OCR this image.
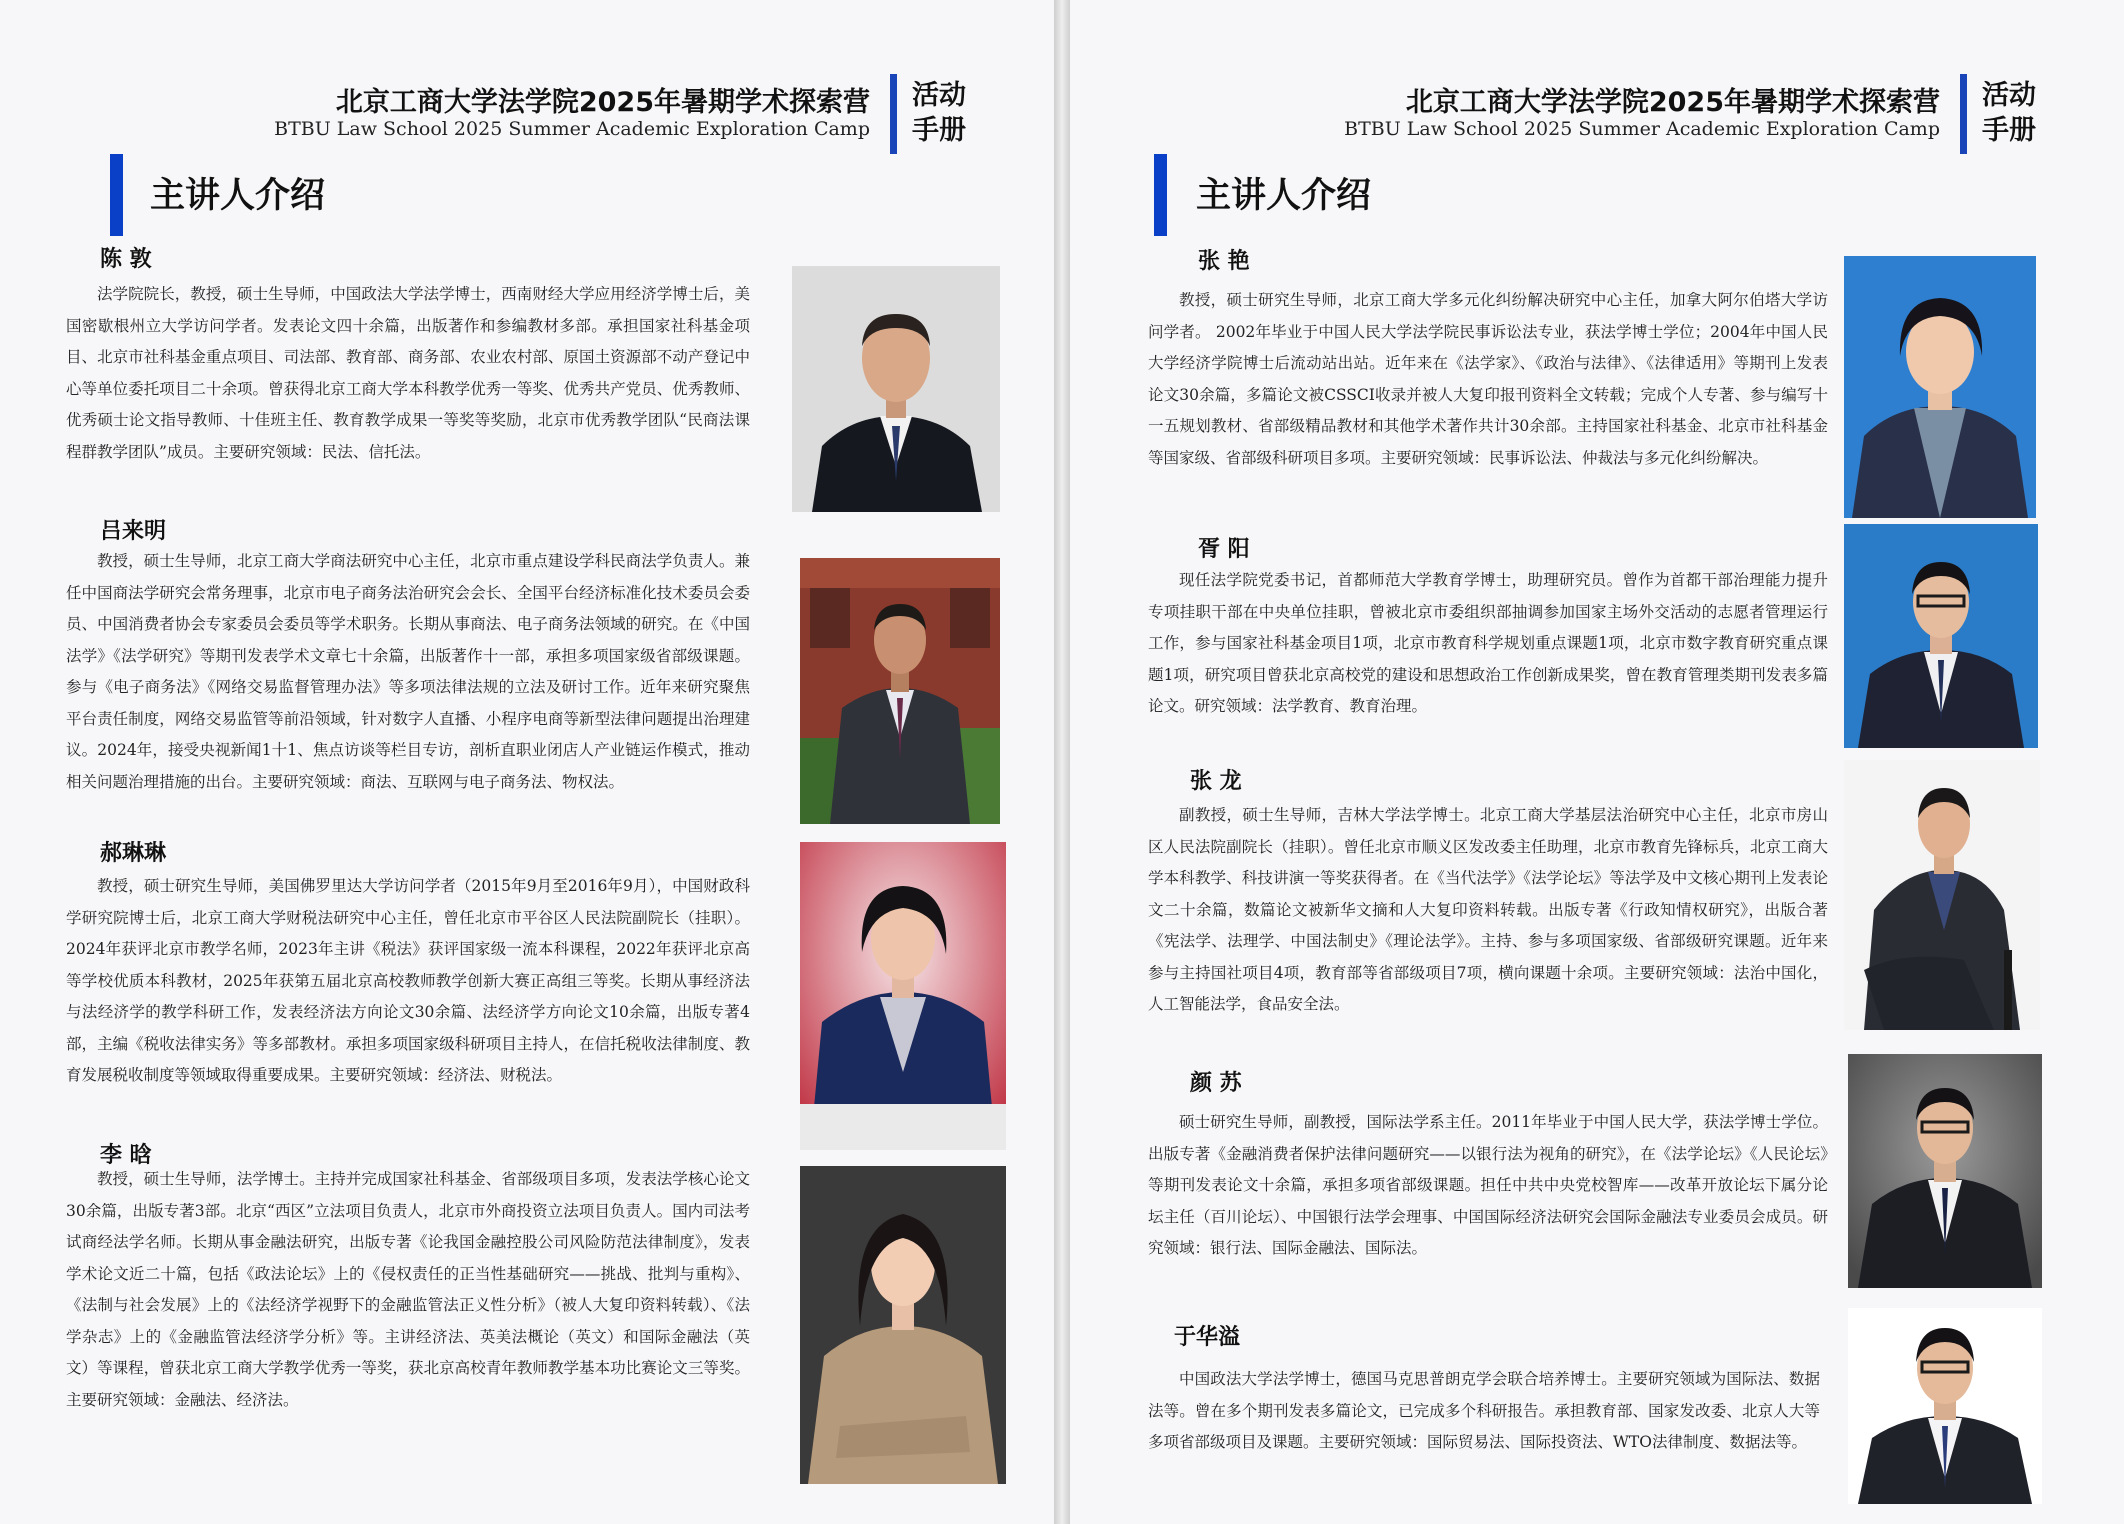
北京工商大学法学院2025年暑期学术探索营
BTBU Law School 2025 Summer Academic Exploration Camp
活动
手册
主讲人介绍
陈 敦

法学院院长，教授，硕士生导师，中国政法大学法学博士，西南财经大学应用经济学博士后，美国密歇根州立大学访问学者。发表论文四十余篇，出版著作和参编教材多部。承担国家社科基金项目、北京市社科基金重点项目、司法部、教育部、商务部、农业农村部、原国土资源部不动产登记中心等单位委托项目二十余项。曾获得北京工商大学本科教学优秀一等奖、优秀共产党员、优秀教师、优秀硕士论文指导教师、十佳班主任、教育教学成果一等奖等奖励，北京市优秀教学团队“民商法课程群教学团队”成员。主要研究领域：民法、信托法。

吕来明

教授，硕士生导师，北京工商大学商法研究中心主任，北京市重点建设学科民商法学负责人。兼任中国商法学研究会常务理事，北京市电子商务法治研究会会长、全国平台经济标准化技术委员会委员、中国消费者协会专家委员会委员等学术职务。长期从事商法、电子商务法领域的研究。在《中国法学》《法学研究》等期刊发表学术文章七十余篇，出版著作十一部，承担多项国家级省部级课题。参与《电子商务法》《网络交易监督管理办法》等多项法律法规的立法及研讨工作。近年来研究聚焦平台责任制度，网络交易监管等前沿领域，针对数字人直播、小程序电商等新型法律问题提出治理建议。2024年，接受央视新闻1十1、焦点访谈等栏目专访，剖析直职业闭店人产业链运作模式，推动相关问题治理措施的出台。主要研究领域：商法、互联网与电子商务法、物权法。

郝琳琳

教授，硕士研究生导师，美国佛罗里达大学访问学者（2015年9月至2016年9月），中国财政科学研究院博士后，北京工商大学财税法研究中心主任，曾任北京市平谷区人民法院副院长（挂职）。2024年获评北京市教学名师，2023年主讲《税法》获评国家级一流本科课程，2022年获评北京高等学校优质本科教材，2025年获第五届北京高校教师教学创新大赛正高组三等奖。长期从事经济法与法经济学的教学科研工作，发表经济法方向论文30余篇、法经济学方向论文10余篇，出版专著4部，主编《税收法律实务》等多部教材。承担多项国家级科研项目主持人，在信托税收法律制度、教育发展税收制度等领域取得重要成果。主要研究领域：经济法、财税法。

李 晗

教授，硕士生导师，法学博士。主持并完成国家社科基金、省部级项目多项，发表法学核心论文30余篇，出版专著3部。北京“西区”立法项目负责人，北京市外商投资立法项目负责人。国内司法考试商经法学名师。长期从事金融法研究，出版专著《论我国金融控股公司风险防范法律制度》，发表学术论文近二十篇，包括《政法论坛》上的《侵权责任的正当性基础研究——挑战、批判与重构》、《法制与社会发展》上的《法经济学视野下的金融监管法正义性分析》（被人大复印资料转载）、《法学杂志》上的《金融监管法经济学分析》等。主讲经济法、英美法概论（英文）和国际金融法（英文）等课程，曾获北京工商大学教学优秀一等奖，获北京高校青年教师教学基本功比赛论文三等奖。主要研究领域：金融法、经济法。

北京工商大学法学院2025年暑期学术探索营
BTBU Law School 2025 Summer Academic Exploration Camp
活动
手册
主讲人介绍
张 艳

教授，硕士研究生导师，北京工商大学多元化纠纷解决研究中心主任，加拿大阿尔伯塔大学访问学者。 2002年毕业于中国人民大学法学院民事诉讼法专业，获法学博士学位；2004年中国人民大学经济学院博士后流动站出站。近年来在《法学家》、《政治与法律》、《法律适用》等期刊上发表论文30余篇，多篇论文被CSSCI收录并被人大复印报刊资料全文转载；完成个人专著、参与编写十一五规划教材、省部级精品教材和其他学术著作共计30余部。主持国家社科基金、北京市社科基金等国家级、省部级科研项目多项。主要研究领域：民事诉讼法、仲裁法与多元化纠纷解决。

胥 阳

现任法学院党委书记，首都师范大学教育学博士，助理研究员。曾作为首都干部治理能力提升专项挂职干部在中央单位挂职，曾被北京市委组织部抽调参加国家主场外交活动的志愿者管理运行工作，参与国家社科基金项目1项，北京市教育科学规划重点课题1项，北京市数字教育研究重点课题1项，研究项目曾获北京高校党的建设和思想政治工作创新成果奖，曾在教育管理类期刊发表多篇论文。研究领域：法学教育、教育治理。

张 龙

副教授，硕士生导师，吉林大学法学博士。北京工商大学基层法治研究中心主任，北京市房山区人民法院副院长（挂职）。曾任北京市顺义区发改委主任助理，北京市教育先锋标兵，北京工商大学本科教学、科技讲演一等奖获得者。在《当代法学》《法学论坛》等法学及中文核心期刊上发表论文二十余篇，数篇论文被新华文摘和人大复印资料转载。出版专著《行政知情权研究》，出版合著《宪法学、法理学、中国法制史》《理论法学》。主持、参与多项国家级、省部级研究课题。近年来参与主持国社项目4项，教育部等省部级项目7项，横向课题十余项。主要研究领域：法治中国化，人工智能法学，食品安全法。

颜 苏

硕士研究生导师，副教授，国际法学系主任。2011年毕业于中国人民大学，获法学博士学位。出版专著《金融消费者保护法律问题研究——以银行法为视角的研究》，在《法学论坛》《人民论坛》等期刊发表论文十余篇，承担多项省部级课题。担任中共中央党校智库——改革开放论坛下属分论坛主任（百川论坛）、中国银行法学会理事、中国国际经济法研究会国际金融法专业委员会成员。研究领域：银行法、国际金融法、国际法。

于华溢

中国政法大学法学博士，德国马克思普朗克学会联合培养博士。主要研究领域为国际法、数据法等。曾在多个期刊发表多篇论文，已完成多个科研报告。承担教育部、国家发改委、北京人大等多项省部级项目及课题。主要研究领域：国际贸易法、国际投资法、WTO法律制度、数据法等。
